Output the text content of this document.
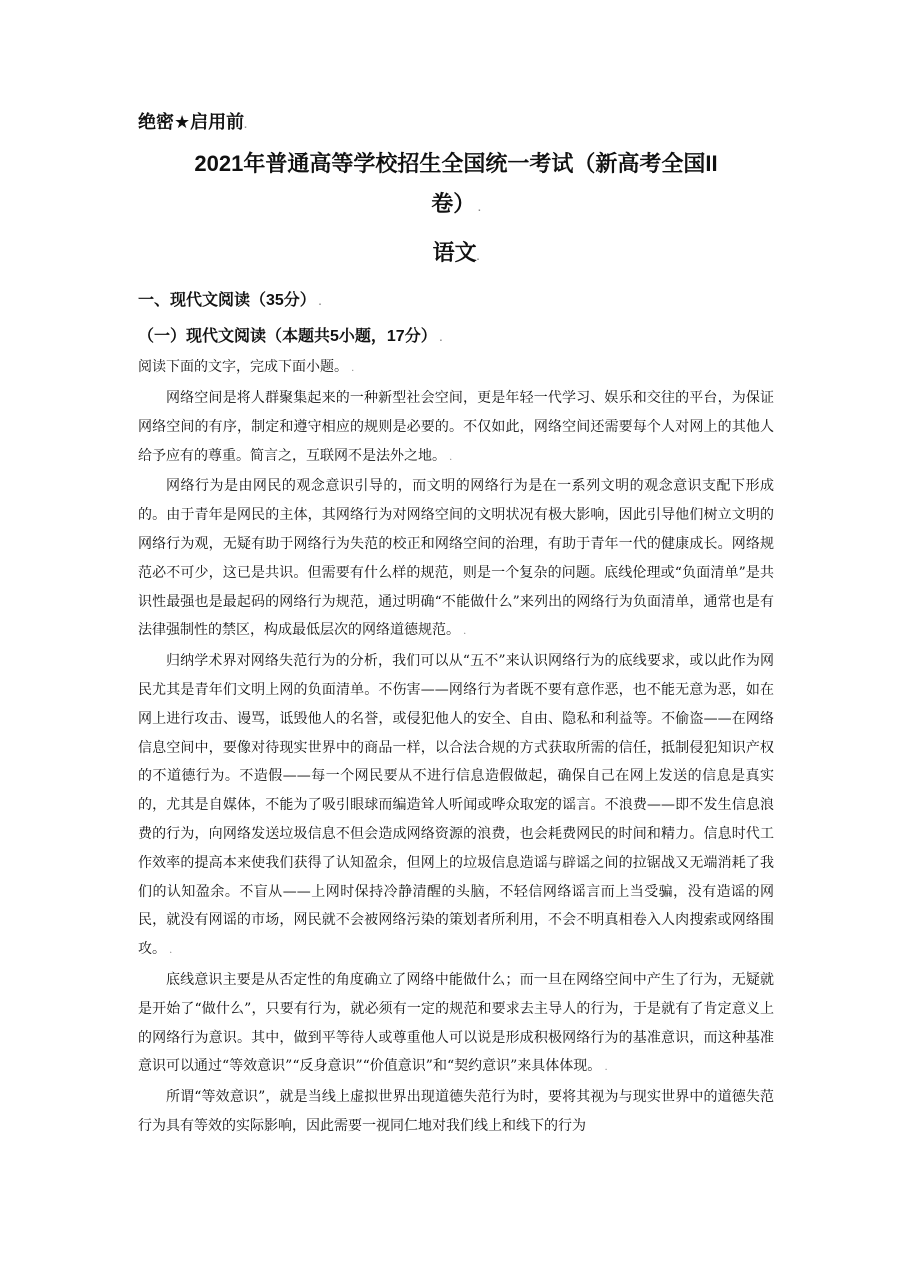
绝密★启用前.
2021年普通高等学校招生全国统一考试（新高考全国II
卷） .
语文.
一、现代文阅读（35分） .
（一）现代文阅读（本题共5小题，17分） .
阅读下面的文字，完成下面小题。 .

网络空间是将人群聚集起来的一种新型社会空间，更是年轻一代学习、娱乐和交往的平台，为保证网络空间的有序，制定和遵守相应的规则是必要的。不仅如此，网络空间还需要每个人对网上的其他人给予应有的尊重。简言之，互联网不是法外之地。 .

网络行为是由网民的观念意识引导的，而文明的网络行为是在一系列文明的观念意识支配下形成的。由于青年是网民的主体，其网络行为对网络空间的文明状况有极大影响，因此引导他们树立文明的网络行为观，无疑有助于网络行为失范的校正和网络空间的治理，有助于青年一代的健康成长。网络规范必不可少，这已是共识。但需要有什么样的规范，则是一个复杂的问题。底线伦理或“负面清单”是共识性最强也是最起码的网络行为规范，通过明确“不能做什么”来列出的网络行为负面清单，通常也是有法律强制性的禁区，构成最低层次的网络道德规范。 .

归纳学术界对网络失范行为的分析，我们可以从“五不”来认识网络行为的底线要求，或以此作为网民尤其是青年们文明上网的负面清单。不伤害——网络行为者既不要有意作恶，也不能无意为恶，如在网上进行攻击、谩骂，诋毁他人的名誉，或侵犯他人的安全、自由、隐私和利益等。不偷盗——在网络信息空间中，要像对待现实世界中的商品一样，以合法合规的方式获取所需的信任，抵制侵犯知识产权的不道德行为。不造假——每一个网民要从不进行信息造假做起，确保自己在网上发送的信息是真实的，尤其是自媒体，不能为了吸引眼球而编造耸人听闻或哗众取宠的谣言。不浪费——即不发生信息浪费的行为，向网络发送垃圾信息不但会造成网络资源的浪费，也会耗费网民的时间和精力。信息时代工作效率的提高本来使我们获得了认知盈余，但网上的垃圾信息造谣与辟谣之间的拉锯战又无端消耗了我们的认知盈余。不盲从——上网时保持冷静清醒的头脑，不轻信网络谣言而上当受骗，没有造谣的网民，就没有网谣的市场，网民就不会被网络污染的策划者所利用，不会不明真相卷入人肉搜索或网络围攻。 .

底线意识主要是从否定性的角度确立了网络中能做什么；而一旦在网络空间中产生了行为，无疑就是开始了“做什么”，只要有行为，就必须有一定的规范和要求去主导人的行为，于是就有了肯定意义上的网络行为意识。其中，做到平等待人或尊重他人可以说是形成积极网络行为的基准意识，而这种基准意识可以通过“等效意识”“反身意识”“价值意识”和“契约意识”来具体体现。 .

所谓“等效意识”，就是当线上虚拟世界出现道德失范行为时，要将其视为与现实世界中的道德失范行为具有等效的实际影响，因此需要一视同仁地对我们线上和线下的行为
